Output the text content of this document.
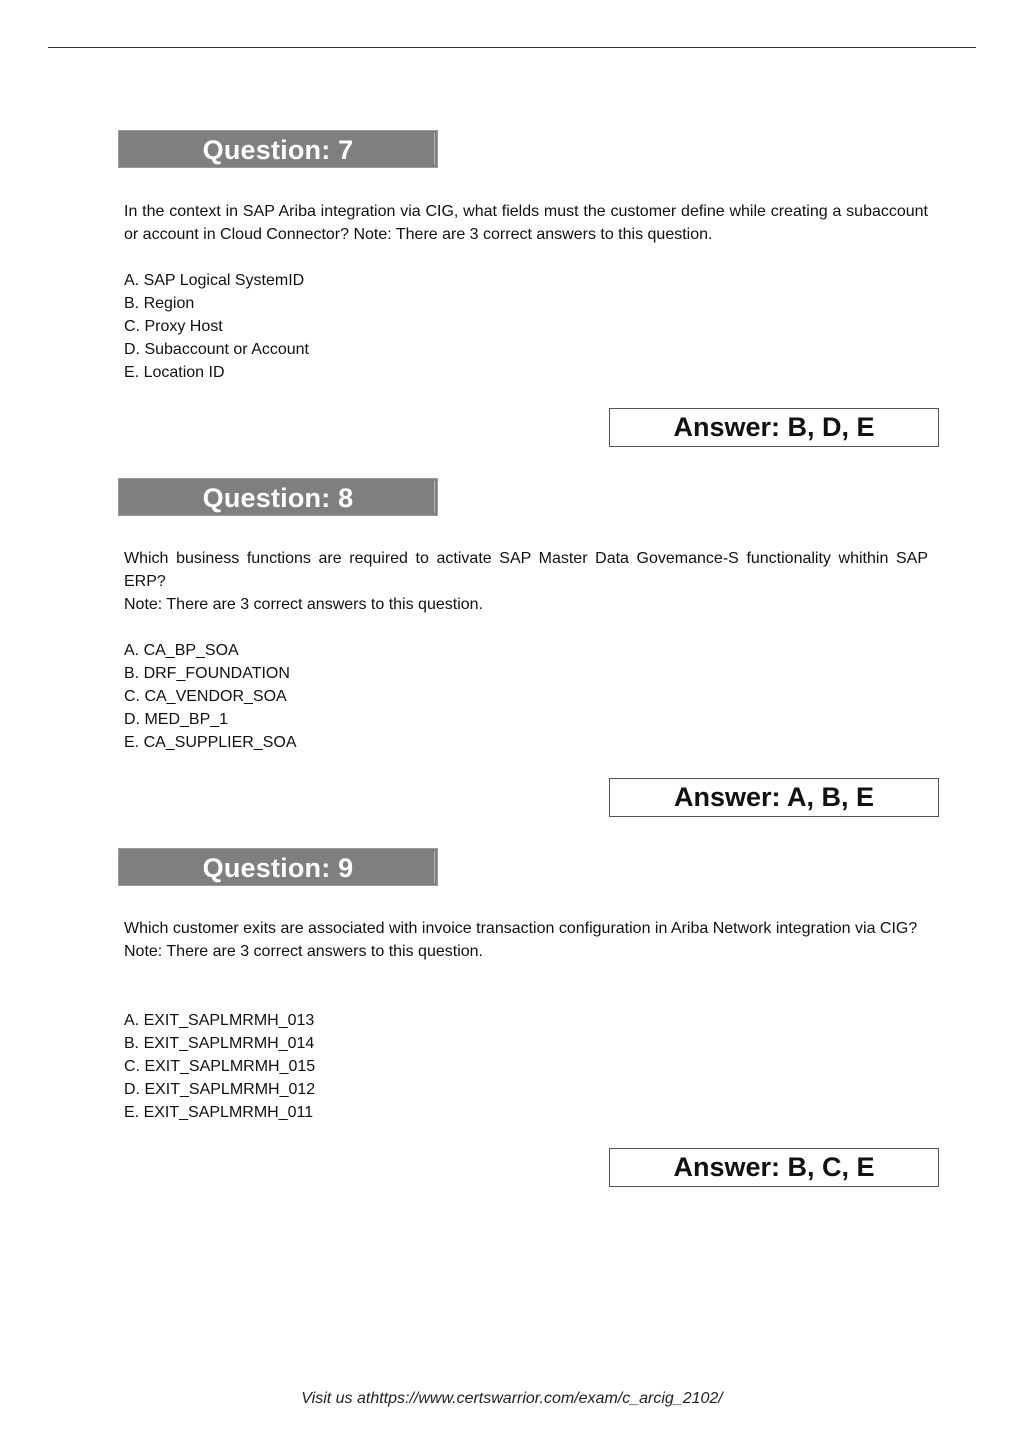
Question: 7
In the context in SAP Ariba integration via CIG, what fields must the customer define while creating a subaccount or account in Cloud Connector? Note: There are 3 correct answers to this question.
A. SAP Logical SystemID
B. Region
C. Proxy Host
D. Subaccount or Account
E. Location ID
Answer: B, D, E
Question: 8
Which business functions are required to activate SAP Master Data Govemance-S functionality whithin SAP ERP?
Note: There are 3 correct answers to this question.
A. CA_BP_SOA
B. DRF_FOUNDATION
C. CA_VENDOR_SOA
D. MED_BP_1
E. CA_SUPPLIER_SOA
Answer: A, B, E
Question: 9
Which customer exits are associated with invoice transaction configuration in Ariba Network integration via CIG?
Note: There are 3 correct answers to this question.
A. EXIT_SAPLMRMH_013
B. EXIT_SAPLMRMH_014
C. EXIT_SAPLMRMH_015
D. EXIT_SAPLMRMH_012
E. EXIT_SAPLMRMH_011
Answer: B, C, E
Visit us athttps://www.certswarrior.com/exam/c_arcig_2102/
